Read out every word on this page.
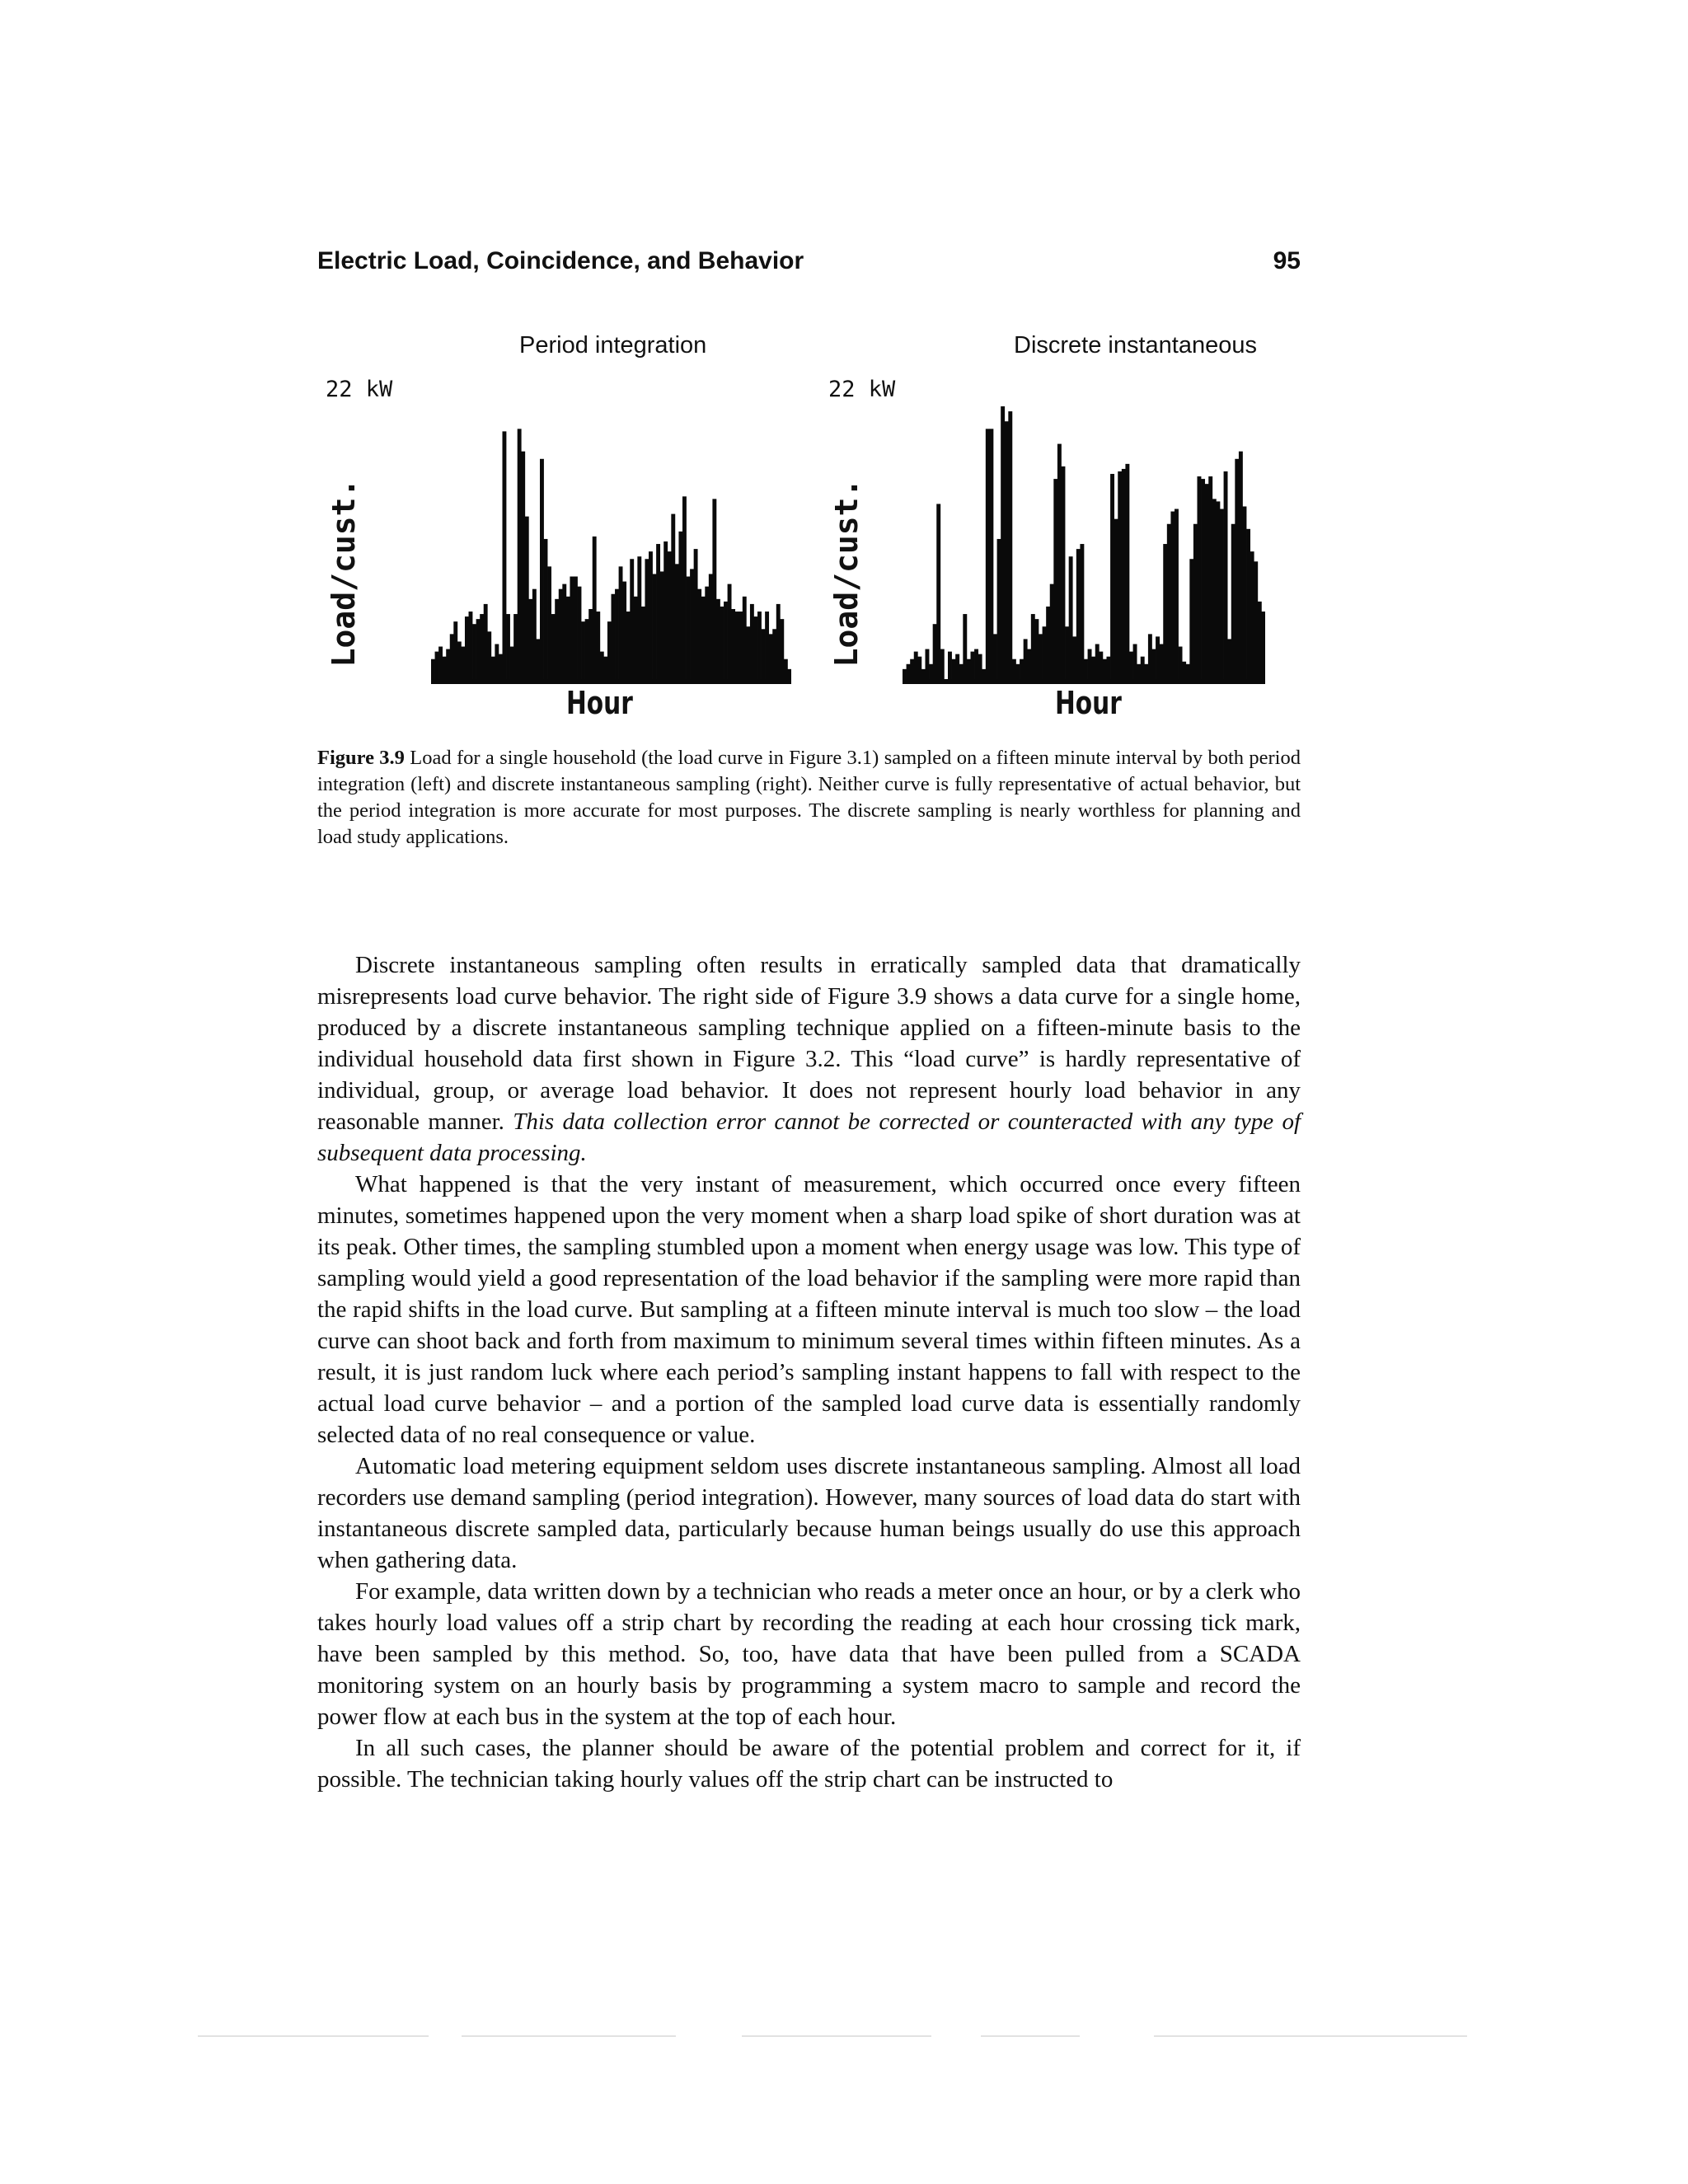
Electric Load, Coincidence, and Behavior	95
Period integration
22 kW
Load/cust.
Hour
Discrete instantaneous
22 kW
Load/cust.
Hour
Figure 3.9 Load for a single household (the load curve in Figure 3.1) sampled on a fifteen minute interval by both period integration (left) and discrete instantaneous sampling (right). Neither curve is fully representative of actual behavior, but the period integration is more accurate for most purposes. The discrete sampling is nearly worthless for planning and load study applications.

Discrete instantaneous sampling often results in erratically sampled data that dramatically misrepresents load curve behavior. The right side of Figure 3.9 shows a data curve for a single home, produced by a discrete instantaneous sampling technique applied on a fifteen-minute basis to the individual household data first shown in Figure 3.2. This “load curve” is hardly representative of individual, group, or average load behavior. It does not represent hourly load behavior in any reasonable manner. This data collection error cannot be corrected or counteracted with any type of subsequent data processing.

What happened is that the very instant of measurement, which occurred once every fifteen minutes, sometimes happened upon the very moment when a sharp load spike of short duration was at its peak. Other times, the sampling stumbled upon a moment when energy usage was low. This type of sampling would yield a good representation of the load behavior if the sampling were more rapid than the rapid shifts in the load curve. But sampling at a fifteen minute interval is much too slow – the load curve can shoot back and forth from maximum to minimum several times within fifteen minutes. As a result, it is just random luck where each period’s sampling instant happens to fall with respect to the actual load curve behavior – and a portion of the sampled load curve data is essentially randomly selected data of no real consequence or value.

Automatic load metering equipment seldom uses discrete instantaneous sampling. Almost all load recorders use demand sampling (period integration). However, many sources of load data do start with instantaneous discrete sampled data, particularly because human beings usually do use this approach when gathering data.

For example, data written down by a technician who reads a meter once an hour, or by a clerk who takes hourly load values off a strip chart by recording the reading at each hour crossing tick mark, have been sampled by this method. So, too, have data that have been pulled from a SCADA monitoring system on an hourly basis by programming a system macro to sample and record the power flow at each bus in the system at the top of each hour.

In all such cases, the planner should be aware of the potential problem and correct for it, if possible. The technician taking hourly values off the strip chart can be instructed to
